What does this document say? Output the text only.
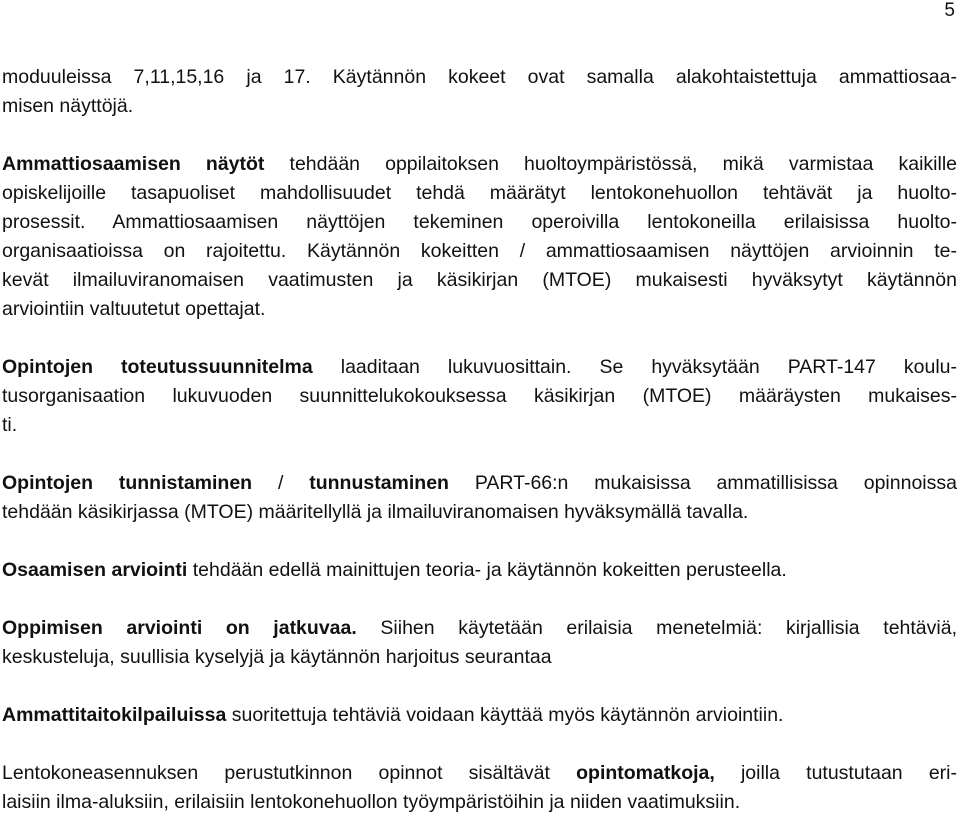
5

moduuleissa 7,11,15,16 ja 17. Käytännön kokeet ovat samalla alakohtaistettuja ammattiosaa-
misen näyttöjä.

Ammattiosaamisen näytöt tehdään oppilaitoksen huoltoympäristössä, mikä varmistaa kaikille
opiskelijoille tasapuoliset mahdollisuudet tehdä määrätyt lentokonehuollon tehtävät ja huolto-
prosessit. Ammattiosaamisen näyttöjen tekeminen operoivilla lentokoneilla erilaisissa huolto-
organisaatioissa on rajoitettu. Käytännön kokeitten / ammattiosaamisen näyttöjen arvioinnin te-
kevät ilmailuviranomaisen vaatimusten ja käsikirjan (MTOE) mukaisesti hyväksytyt käytännön
arviointiin valtuutetut opettajat.

Opintojen toteutussuunnitelma laaditaan lukuvuosittain. Se hyväksytään PART-147 koulu-
tusorganisaation lukuvuoden suunnittelukokouksessa käsikirjan (MTOE) määräysten mukaises-
ti.

Opintojen tunnistaminen / tunnustaminen PART-66:n mukaisissa ammatillisissa opinnoissa
tehdään käsikirjassa (MTOE) määritellyllä ja ilmailuviranomaisen hyväksymällä tavalla.

Osaamisen arviointi tehdään edellä mainittujen teoria- ja käytännön kokeitten perusteella.

Oppimisen arviointi on jatkuvaa. Siihen käytetään erilaisia menetelmiä: kirjallisia tehtäviä,
keskusteluja, suullisia kyselyjä ja käytännön harjoitus seurantaa

Ammattitaitokilpailuissa suoritettuja tehtäviä voidaan käyttää myös käytännön arviointiin.

Lentokoneasennuksen perustutkinnon opinnot sisältävät opintomatkoja, joilla tutustutaan eri-
laisiin ilma-aluksiin, erilaisiin lentokonehuollon työympäristöihin ja niiden vaatimuksiin.
